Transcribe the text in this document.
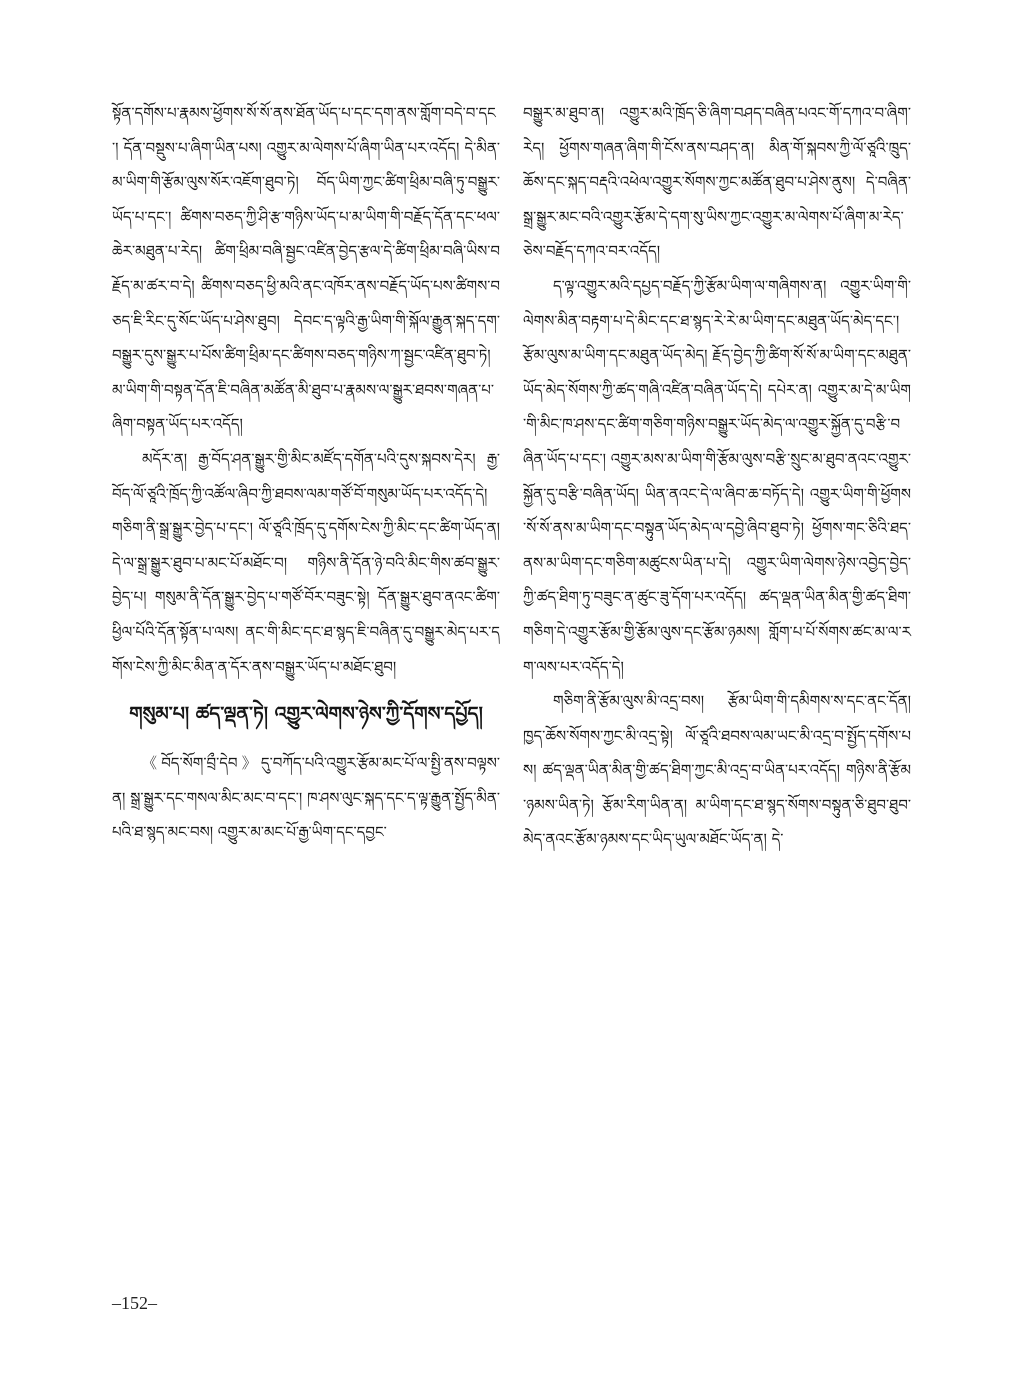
སྟོན་དགོས་པ་རྣམས་ཕྱོགས་སོ་སོ་ནས་ཐོན་ཡོད་པ་དང་དག་ནས་གློག་བདེ་བ་དང་། དོན་བསྡུས་པ་ཞིག་ཡིན་པས། འགྱུར་མ་ལེགས་པོ་ཞིག་ཡིན་པར་འདོད། དེ་མིན་མ་ཡིག་གི་རྩོམ་ལུས་སོར་འཇོག་ཐུབ་ཏེ། བོད་ཡིག་ཀྱང་ཚིག་ཕྲིམ་བཞི་ཏུ་བསྒྱུར་ཡོད་པ་དང་། ཚིགས་བཅད་ཀྱི་ཤི་རྩ་གཉིས་ཡོད་པ་མ་ཡིག་གི་བརྗོད་དོན་དང་ཕལ་ཆེར་མཐུན་པ་རེད། ཚིག་ཕྲིམ་བཞི་སྦྱང་འཛིན་བྱེད་རྩལ་དེ་ཚིག་ཕྲིམ་བཞི་ཡིས་བརྗོད་མ་ཚར་བ་དེ། ཚིགས་བཅད་ཕྱི་མའི་ནང་འཁོར་ནས་བརྗོད་ཡོད་པས་ཚིགས་བཅད་ཇི་རིང་དུ་སོང་ཡོད་པ་ཤེས་ཐུབ། དེབང་ད་ལྟའི་རྒྱ་ཡིག་གི་སྐོལ་རྒྱུན་སྐད་དག་བསྒྱུར་དུས་སྒྱུར་པ་པོས་ཚིག་ཕྲིམ་དང་ཚིགས་བཅད་གཉིས་ཀ་སྦྱང་འཛིན་ཐུབ་ཏེ། མ་ཡིག་གི་བསྟན་དོན་ཇི་བཞིན་མཚོན་མི་ཐུབ་པ་རྣམས་ལ་སྒྱུར་ཐབས་གཞན་པ་ཞིག་བསྟན་ཡོད་པར་འདོད།

མདོར་ན། རྒྱ་བོད་ཤན་སྒྱུར་གྱི་མིང་མཛོད་དགོན་པའི་དུས་སྐབས་དེར། རྒྱ་བོད་ལོ་ཙཱའི་ཁྲོད་ཀྱི་འཚོལ་ཞིབ་ཀྱི་ཐབས་ལམ་གཙོ་བོ་གསུམ་ཡོད་པར་འདོད་དེ། གཅིག་ནི་སྒྲ་སྒྱུར་བྱེད་པ་དང་། ལོ་ཙཱའི་ཁྲོད་དུ་དགོས་ངེས་ཀྱི་མིང་དང་ཚིག་ཡོད་ན། དེ་ལ་སྒྲ་སྒྱུར་ཐུབ་པ་མང་པོ་མཐོང་བ། གཉིས་ནི་དོན་ཉེ་བའི་མིང་གིས་ཚབ་སྒྱུར་བྱེད་པ། གསུམ་ནི་དོན་སྒྱུར་བྱེད་པ་གཙོ་བོར་བཟུང་སྟེ། དོན་སྒྱུར་ཐུབ་ནའང་ཚིག་ཕྱིལ་པོའི་དོན་སྟོན་པ་ལས། ནང་གི་མིང་དང་ཐ་སྙད་ཇི་བཞིན་དུ་བསྒྱུར་མེད་པར་དགོས་ངེས་ཀྱི་མིང་མིན་ན་དོར་ནས་བསྒྱུར་ཡོད་པ་མཐོང་ཐུབ།

གསུམ་པ། ཚད་ལྡན་ཏེ། འགྱུར་ལེགས་ཉེས་ཀྱི་དོགས་དཔྱོད།

《བོད་སོག་བྲྀ་དེབ》དུ་བཀོད་པའི་འགྱུར་རྩོམ་མང་པོ་ལ་སྤྱི་ནས་བལྟས་ན། སྒྲ་སྒྱུར་དང་གསལ་མིང་མང་བ་དང་། ཁ་ཤས་ལུང་སྐད་དང་ད་ལྟ་རྒྱུན་སྤྱོད་མིན་པའི་ཐ་སྙད་མང་བས། འགྱུར་མ་མང་པོ་རྒྱ་ཡིག་དང་དབྱང་

བསྒྱུར་མ་ཐུབ་ན། འགྱུར་མའི་ཁྲོད་ཅི་ཞིག་བཤད་བཞིན་པའང་གོ་དཀའ་བ་ཞིག་རེད། ཕྱོགས་གཞན་ཞིག་གི་ངོས་ནས་བཤད་ན། མིན་གོ་སྐབས་ཀྱི་ལོ་ཙཱའི་ཁྲུད་ཆོས་དང་སྐད་བརྡའི་འཕེལ་འགྱུར་སོགས་ཀྱང་མཚོན་ཐུབ་པ་ཤེས་ནུས། དེ་བཞིན་སྒྲ་སྒྱུར་མང་བའི་འགྱུར་རྩོམ་དེ་དག་སུ་ཡིས་ཀྱང་འགྱུར་མ་ལེགས་པོ་ཞིག་མ་རེད་ཅེས་བརྗོད་དཀའ་བར་འདོད།

ད་ལྟ་འགྱུར་མའི་དཔྱད་བརྗོད་ཀྱི་རྩོམ་ཡིག་ལ་གཞིགས་ན། འགྱུར་ཡིག་གི་ལེགས་མིན་བརྟག་པ་དེ་མིང་དང་ཐ་སྙད་རེ་རེ་མ་ཡིག་དང་མཐུན་ཡོད་མེད་དང་། རྩོམ་ལུས་མ་ཡིག་དང་མཐུན་ཡོད་མེད། རྗོད་བྱེད་ཀྱི་ཚིག་སོ་སོ་མ་ཡིག་དང་མཐུན་ཡོད་མེད་སོགས་ཀྱི་ཚད་གཞི་འཛིན་བཞིན་ཡོད་དེ། དཔེར་ན། འགྱུར་མ་དེ་མ་ཡིག་གི་མིང་ཁ་ཤས་དང་ཚིག་གཅིག་གཉིས་བསྒྱུར་ཡོད་མེད་ལ་འགྱུར་སྐྱོན་དུ་བརྩི་བཞིན་ཡོད་པ་དང་། འགྱུར་མས་མ་ཡིག་གི་རྩོམ་ལུས་བརྩི་སྲུང་མ་ཐུབ་ནའང་འགྱུར་སྐྱོན་དུ་བརྩི་བཞིན་ཡོད། ཡིན་ནའང་དེ་ལ་ཞིབ་ཆ་བཏོད་དེ། འགྱུར་ཡིག་གི་ཕྱོགས་སོ་སོ་ནས་མ་ཡིག་དང་བསྟུན་ཡོད་མེད་ལ་དབྱེ་ཞིབ་ཐུབ་ཏེ། ཕྱོགས་གང་ཅིའི་ཐད་ནས་མ་ཡིག་དང་གཅིག་མཚུངས་ཡིན་པ་དེ། འགྱུར་ཡིག་ལེགས་ཉེས་འབྱེད་བྱེད་ཀྱི་ཚད་ཐིག་ཏུ་བཟུང་ན་ཚུང་ཟུ་དོག་པར་འདོད། ཚད་ལྡན་ཡིན་མིན་གྱི་ཚད་ཐིག་གཅིག་དེ་འགྱུར་རྩོམ་གྱི་རྩོམ་ལུས་དང་རྩོམ་ཉམས། གློག་པ་པོ་སོགས་ཚང་མ་ལ་རག་ལས་པར་འདོད་དེ།

གཅིག་ནི་རྩོམ་ལུས་མི་འདྲ་བས། རྩོམ་ཡིག་གི་དམིགས་ས་དང་ནང་དོན། ཁྱད་ཆོས་སོགས་ཀྱང་མི་འདྲ་སྟེ། ལོ་ཙཱའི་ཐབས་ལམ་ཡང་མི་འདྲ་བ་སྤྱོད་དགོས་པས། ཚད་ལྡན་ཡིན་མིན་གྱི་ཚད་ཐིག་ཀྱང་མི་འདྲ་བ་ཡིན་པར་འདོད། གཉིས་ནི་རྩོམ་ཉམས་ཡིན་ཏེ། རྩོམ་རིག་ཡིན་ན། མ་ཡིག་དང་ཐ་སྙད་སོགས་བསྟུན་ཅི་ཐུབ་ཐུབ་མེད་ནའང་རྩོམ་ཉམས་དང་ཡིད་ཡུལ་མཐོང་ཡོད་ན། དེ་

–152–
